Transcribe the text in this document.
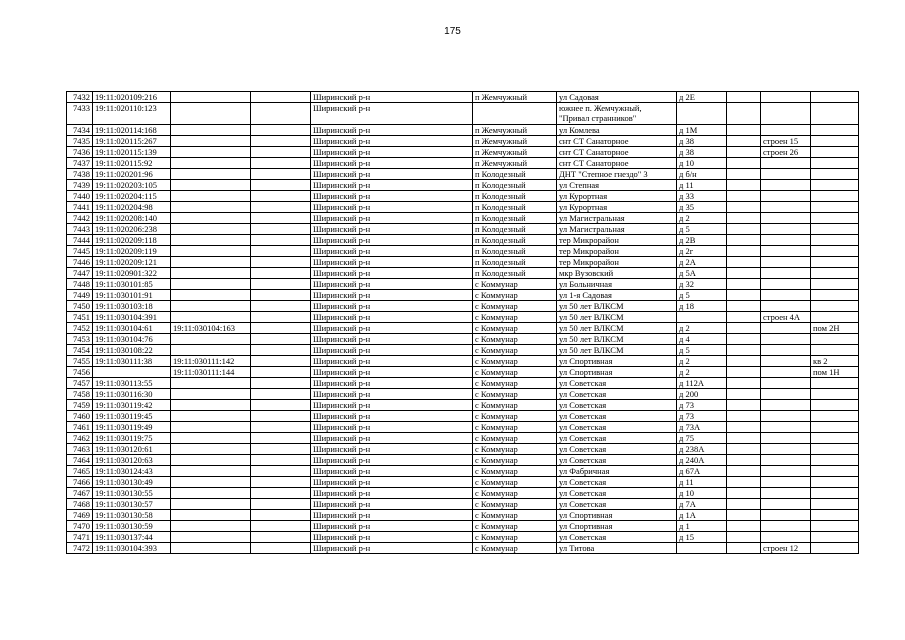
175
7432	19:11:020109:216			Ширинский р-н	п Жемчужный	ул Садовая	д 2Е			
7433	19:11:020110:123			Ширинский р-н		южнее п. Жемчужный, "Привал странников"				
7434	19:11:020114:168			Ширинский р-н	п Жемчужный	ул Комлева	д 1М			
7435	19:11:020115:267			Ширинский р-н	п Жемчужный	снт СТ Санаторное	д 38		строен 15	
7436	19:11:020115:139			Ширинский р-н	п Жемчужный	снт СТ Санаторное	д 38		строен 26	
7437	19:11:020115:92			Ширинский р-н	п Жемчужный	снт СТ Санаторное	д 10			
7438	19:11:020201:96			Ширинский р-н	п Колодезный	ДНТ "Степное гнездо" 3	д б/н			
7439	19:11:020203:105			Ширинский р-н	п Колодезный	ул Степная	д 11			
7440	19:11:020204:115			Ширинский р-н	п Колодезный	ул Курортная	д 33			
7441	19:11:020204:98			Ширинский р-н	п Колодезный	ул Курортная	д 35			
7442	19:11:020208:140			Ширинский р-н	п Колодезный	ул Магистральная	д 2			
7443	19:11:020206:238			Ширинский р-н	п Колодезный	ул Магистральная	д 5			
7444	19:11:020209:118			Ширинский р-н	п Колодезный	тер Микрорайон	д 2В			
7445	19:11:020209:119			Ширинский р-н	п Колодезный	тер Микрорайон	д 2г			
7446	19:11:020209:121			Ширинский р-н	п Колодезный	тер Микрорайон	д 2А			
7447	19:11:020901:322			Ширинский р-н	п Колодезный	мкр Вузовский	д 5А			
7448	19:11:030101:85			Ширинский р-н	с Коммунар	ул Больничная	д 32			
7449	19:11:030101:91			Ширинский р-н	с Коммунар	ул 1-я Садовая	д 5			
7450	19:11:030103:18			Ширинский р-н	с Коммунар	ул 50 лет ВЛКСМ	д 18			
7451	19:11:030104:391			Ширинский р-н	с Коммунар	ул 50 лет ВЛКСМ			строен 4А	
7452	19:11:030104:61	19:11:030104:163		Ширинский р-н	с Коммунар	ул 50 лет ВЛКСМ	д 2			пом 2Н
7453	19:11:030104:76			Ширинский р-н	с Коммунар	ул 50 лет ВЛКСМ	д 4			
7454	19:11:030108:22			Ширинский р-н	с Коммунар	ул 50 лет ВЛКСМ	д 5			
7455	19:11:030111:38	19:11:030111:142		Ширинский р-н	с Коммунар	ул Спортивная	д 2			кв 2
7456		19:11:030111:144		Ширинский р-н	с Коммунар	ул Спортивная	д 2			пом 1Н
7457	19:11:030113:55			Ширинский р-н	с Коммунар	ул Советская	д 112А			
7458	19:11:030116:30			Ширинский р-н	с Коммунар	ул Советская	д 200			
7459	19:11:030119:42			Ширинский р-н	с Коммунар	ул Советская	д 73			
7460	19:11:030119:45			Ширинский р-н	с Коммунар	ул Советская	д 73			
7461	19:11:030119:49			Ширинский р-н	с Коммунар	ул Советская	д 73А			
7462	19:11:030119:75			Ширинский р-н	с Коммунар	ул Советская	д 75			
7463	19:11:030120:61			Ширинский р-н	с Коммунар	ул Советская	д 238А			
7464	19:11:030120:63			Ширинский р-н	с Коммунар	ул Советская	д 240А			
7465	19:11:030124:43			Ширинский р-н	с Коммунар	ул Фабричная	д 67А			
7466	19:11:030130:49			Ширинский р-н	с Коммунар	ул Советская	д 11			
7467	19:11:030130:55			Ширинский р-н	с Коммунар	ул Советская	д 10			
7468	19:11:030130:57			Ширинский р-н	с Коммунар	ул Советская	д 7А			
7469	19:11:030130:58			Ширинский р-н	с Коммунар	ул Спортивная	д 1А			
7470	19:11:030130:59			Ширинский р-н	с Коммунар	ул Спортивная	д 1			
7471	19:11:030137:44			Ширинский р-н	с Коммунар	ул Советская	д 15			
7472	19:11:030104:393			Ширинский р-н	с Коммунар	ул Титова			строен 12	
